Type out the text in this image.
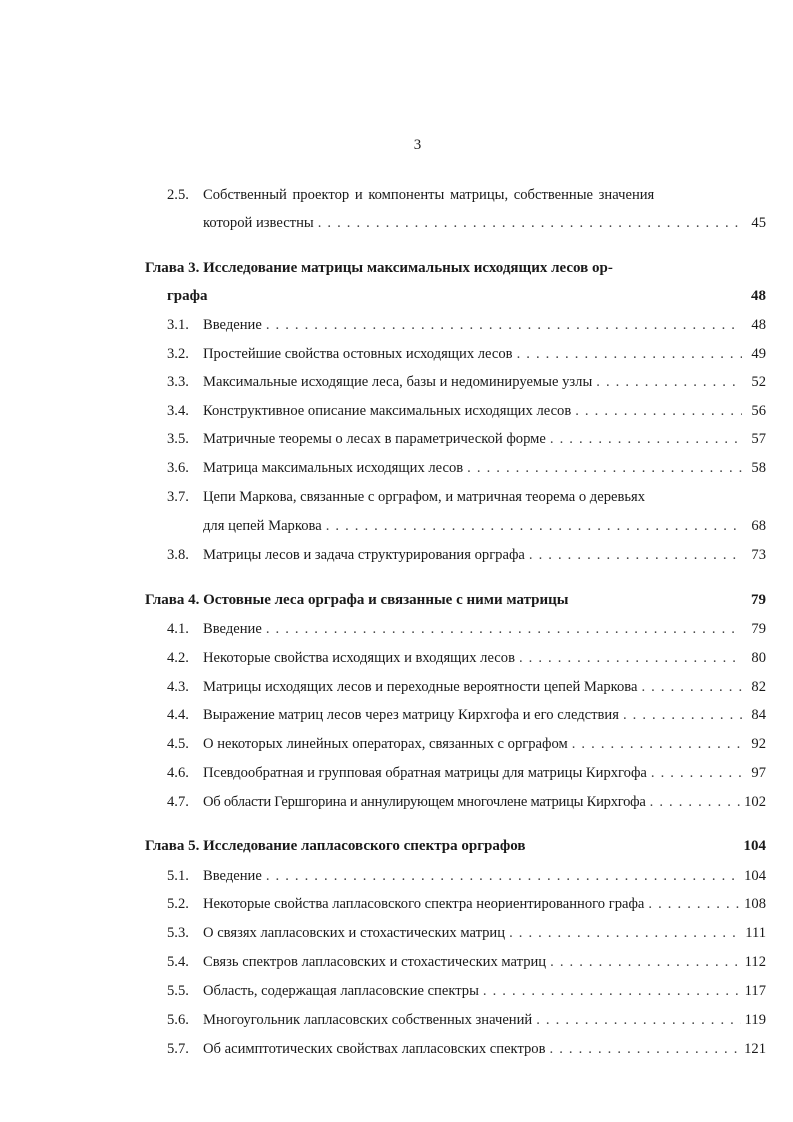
3
2.5. Собственный проектор и компоненты матрицы, собственные значения
которой известны . . .	45
Глава 3. Исследование матрицы максимальных исходящих лесов ор-
графа	48
3.1. Введение . . .	48
3.2. Простейшие свойства остовных исходящих лесов . . .	49
3.3. Максимальные исходящие леса, базы и недоминируемые узлы . . .	52
3.4. Конструктивное описание максимальных исходящих лесов . . .	56
3.5. Матричные теоремы о лесах в параметрической форме . . .	57
3.6. Матрица максимальных исходящих лесов . . .	58
3.7. Цепи Маркова, связанные с орграфом, и матричная теорема о деревьях
для цепей Маркова . . .	68
3.8. Матрицы лесов и задача структурирования орграфа . . .	73
Глава 4. Остовные леса орграфа и связанные с ними матрицы	79
4.1. Введение . . .	79
4.2. Некоторые свойства исходящих и входящих лесов . . .	80
4.3. Матрицы исходящих лесов и переходные вероятности цепей Маркова . . .	82
4.4. Выражение матриц лесов через матрицу Кирхгофа и его следствия . . .	84
4.5. О некоторых линейных операторах, связанных с орграфом . . .	92
4.6. Псевдообратная и групповая обратная матрицы для матрицы Кирхгофа . . .	97
4.7. Об области Гершгорина и аннулирующем многочлене матрицы Кирхгофа . . .	102
Глава 5. Исследование лапласовского спектра орграфов	104
5.1. Введение . . .	104
5.2. Некоторые свойства лапласовского спектра неориентированного графа . . .	108
5.3. О связях лапласовских и стохастических матриц . . .	111
5.4. Связь спектров лапласовских и стохастических матриц . . .	112
5.5. Область, содержащая лапласовские спектры . . .	117
5.6. Многоугольник лапласовских собственных значений . . .	119
5.7. Об асимптотических свойствах лапласовских спектров . . .	121
